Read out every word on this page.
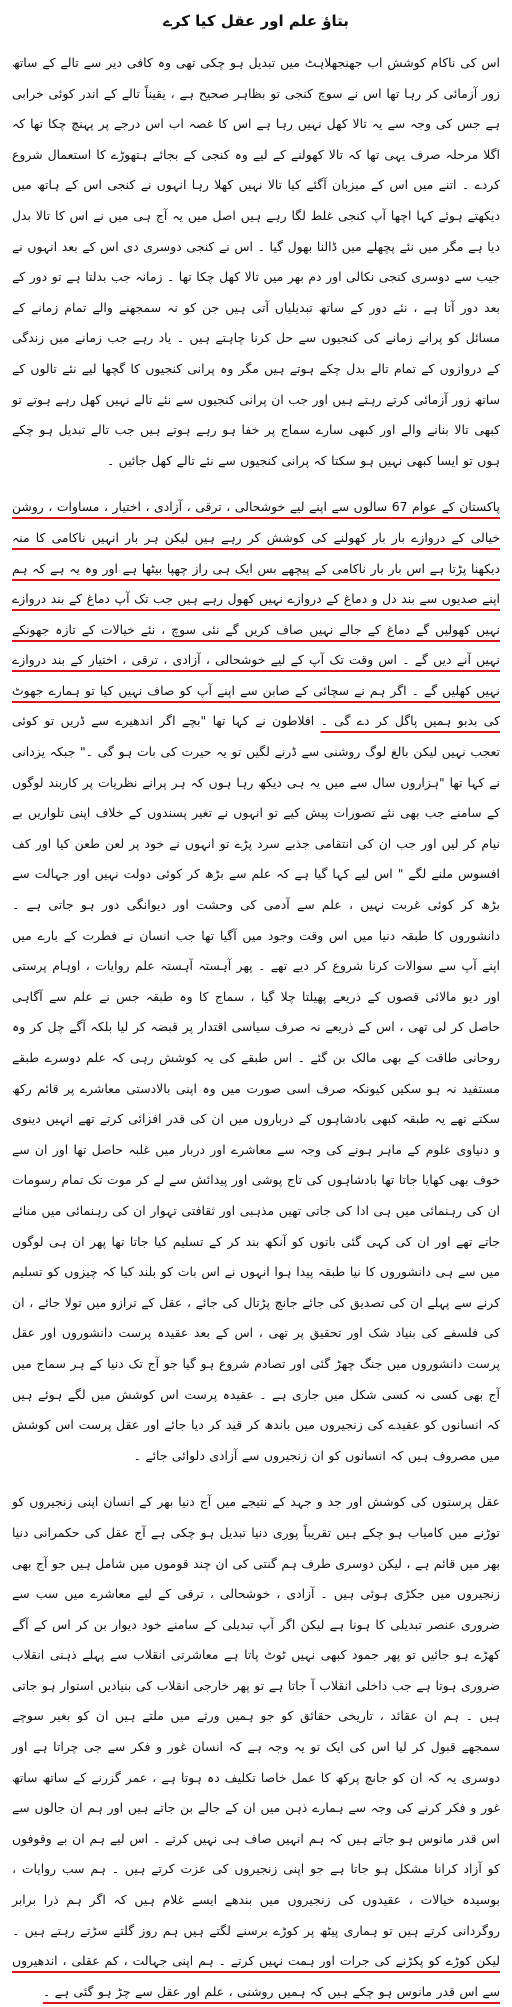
بتاؤ علم اور عقل کیا کرے

اس کی ناکام کوشش اب جھنجھلاہٹ میں تبدیل ہو چکی تھی وہ کافی دیر سے تالے کے ساتھ زور آزمائی کر رہا تھا اس نے سوچ کنجی تو بظاہر صحیح ہے ، یقیناً تالے کے اندر کوئی خرابی ہے جس کی وجہ سے یہ تالا کھل نہیں رہا ہے اس کا غصہ اب اس درجے پر پہنچ چکا تھا کہ اگلا مرحلہ صرف یہی تھا کہ تالا کھولنے کے لیے وہ کنجی کے بجائے ہتھوڑے کا استعمال شروع کردے ۔ اتنے میں اس کے میزبان آگئے کیا تالا نہیں کھلا رہا انہوں نے کنجی اس کے ہاتھ میں دیکھتے ہوئے کہا اچھا آپ کنجی غلط لگا رہے ہیں اصل میں یہ آج ہی میں نے اس کا تالا بدل دیا ہے مگر میں نئے پچھلے میں ڈالنا بھول گیا ۔ اس نے کنجی دوسری دی اس کے بعد انہوں نے جیب سے دوسری کنجی نکالی اور دم بھر میں تالا کھل چکا تھا ۔ زمانہ جب بدلتا ہے تو دور کے بعد دور آتا ہے ، نئے دور کے ساتھ تبدیلیاں آتی ہیں جن کو نہ سمجھنے والے تمام زمانے کے مسائل کو پرانے زمانے کی کنجیوں سے حل کرنا چاہتے ہیں ۔ یاد رہے جب زمانے میں زندگی کے دروازوں کے تمام تالے بدل چکے ہوتے ہیں مگر وہ پرانی کنجیوں کا گچھا لیے نئے تالوں کے ساتھ زور آزمائی کرتے رہتے ہیں اور جب ان پرانی کنجیوں سے نئے تالے نہیں کھل رہے ہوتے تو کبھی تالا بنانے والے اور کبھی سارے سماج پر خفا ہو رہے ہوتے ہیں جب تالے تبدیل ہو چکے ہوں تو ایسا کبھی نہیں ہو سکتا کہ پرانی کنجیوں سے نئے تالے کھل جائیں ۔

پاکستان کے عوام 67 سالوں سے اپنے لیے خوشحالی ، ترقی ، آزادی ، اختیار ، مساوات ، روشن خیالی کے دروازے بار بار کھولنے کی کوشش کر رہے ہیں لیکن ہر بار انہیں ناکامی کا منہ دیکھنا پڑتا ہے اس بار بار ناکامی کے پیچھے بس ایک ہی راز چھپا بیٹھا ہے اور وہ یہ ہے کہ ہم اپنے صدیوں سے بند دل و دماغ کے دروازے نہیں کھول رہے ہیں جب تک آپ دماغ کے بند دروازے نہیں کھولیں گے دماغ کے جالے نہیں صاف کریں گے نئی سوچ ، نئے خیالات کے تازہ جھونکے نہیں آنے دیں گے ۔ اس وقت تک آپ کے لیے خوشحالی ، آزادی ، ترقی ، اختیار کے بند دروازے نہیں کھلیں گے ۔ اگر ہم نے سچائی کے صابن سے اپنے آپ کو صاف نہیں کیا تو ہمارے جھوٹ کی بدبو ہمیں پاگل کر دے گی ۔ افلاطون نے کہا تھا "بچے اگر اندھیرے سے ڈریں تو کوئی تعجب نہیں لیکن بالغ لوگ روشنی سے ڈرنے لگیں تو یہ حیرت کی بات ہو گی ۔" جبکہ یزدانی نے کہا تھا "ہزاروں سال سے میں یہ ہی دیکھ رہا ہوں کہ ہر پرانے نظریات پر کاربند لوگوں کے سامنے جب بھی نئے تصورات پیش کیے تو انہوں نے تغیر پسندوں کے خلاف اپنی تلواریں بے نیام کر لیں اور جب ان کی انتقامی جذبے سرد پڑے تو انہوں نے خود پر لعن طعن کیا اور کف افسوس ملنے لگے " اس لیے کہا گیا ہے کہ علم سے بڑھ کر کوئی دولت نہیں اور جہالت سے بڑھ کر کوئی غربت نہیں ، علم سے آدمی کی وحشت اور دیوانگی دور ہو جاتی ہے ۔ دانشوروں کا طبقہ دنیا میں اس وقت وجود میں آگیا تھا جب انسان نے فطرت کے بارے میں اپنے آپ سے سوالات کرنا شروع کر دیے تھے ۔ پھر آہستہ آہستہ علم روایات ، اوہام پرستی اور دیو مالائی قصوں کے ذریعے پھیلتا چلا گیا ، سماج کا وہ طبقہ جس نے علم سے آگاہی حاصل کر لی تھی ، اس کے ذریعے نہ صرف سیاسی اقتدار پر قبضہ کر لیا بلکہ آگے چل کر وہ روحانی طاقت کے بھی مالک بن گئے ۔ اس طبقے کی یہ کوشش رہی کہ علم دوسرے طبقے مستفید نہ ہو سکیں کیونکہ صرف اسی صورت میں وہ اپنی بالادستی معاشرے پر قائم رکھ سکتے تھے یہ طبقہ کبھی بادشاہوں کے درباروں میں ان کی قدر افزائی کرتے تھے انہیں دینوی و دنیاوی علوم کے ماہر ہونے کی وجہ سے معاشرے اور دربار میں غلبہ حاصل تھا اور ان سے خوف بھی کھایا جاتا تھا بادشاہوں کی تاج پوشی اور پیدائش سے لے کر موت تک تمام رسومات ان کی رہنمائی میں ہی ادا کی جاتی تھیں مذہبی اور ثقافتی تہوار ان کی رہنمائی میں منائے جاتے تھے اور ان کی کہی گئی باتوں کو آنکھ بند کر کے تسلیم کیا جاتا تھا پھر ان ہی لوگوں میں سے ہی دانشوروں کا نیا طبقہ پیدا ہوا انہوں نے اس بات کو بلند کیا کہ چیزوں کو تسلیم کرنے سے پہلے ان کی تصدیق کی جائے جانچ پڑتال کی جائے ، عقل کے ترازو میں تولا جائے ، ان کی فلسفے کی بنیاد شک اور تحقیق پر تھی ، اس کے بعد عقیدہ پرست دانشوروں اور عقل پرست دانشوروں میں جنگ چھڑ گئی اور تصادم شروع ہو گیا جو آج تک دنیا کے ہر سماج میں آج بھی کسی نہ کسی شکل میں جاری ہے ۔ عقیدہ پرست اس کوشش میں لگے ہوئے ہیں کہ انسانوں کو عقیدے کی زنجیروں میں باندھ کر قید کر دیا جائے اور عقل پرست اس کوشش میں مصروف ہیں کہ انسانوں کو ان زنجیروں سے آزادی دلوائی جائے ۔

عقل پرستوں کی کوشش اور جد و جہد کے نتیجے میں آج دنیا بھر کے انسان اپنی زنجیروں کو توڑنے میں کامیاب ہو چکے ہیں تقریباً پوری دنیا تبدیل ہو چکی ہے آج عقل کی حکمرانی دنیا بھر میں قائم ہے ، لیکن دوسری طرف ہم گنتی کی ان چند قوموں میں شامل ہیں جو آج بھی زنجیروں میں جکڑی ہوئی ہیں ۔ آزادی ، خوشحالی ، ترقی کے لیے معاشرے میں سب سے ضروری عنصر تبدیلی کا ہونا ہے لیکن اگر آپ تبدیلی کے سامنے خود دیوار بن کر اس کے آگے کھڑے ہو جائیں تو پھر جمود کبھی نہیں ٹوٹ پاتا ہے معاشرتی انقلاب سے پہلے ذہنی انقلاب ضروری ہوتا ہے جب داخلی انقلاب آ جاتا ہے تو پھر خارجی انقلاب کی بنیادیں استوار ہو جاتی ہیں ۔ ہم ان عقائد ، تاریخی حقائق کو جو ہمیں ورثے میں ملتے ہیں ان کو بغیر سوچے سمجھے قبول کر لیا اس کی ایک تو یہ وجہ ہے کہ انسان غور و فکر سے جی چراتا ہے اور دوسری یہ کہ ان کو جانچ پرکھ کا عمل خاصا تکلیف دہ ہوتا ہے ، عمر گزرنے کے ساتھ ساتھ غور و فکر کرنے کی وجہ سے ہمارے ذہن میں ان کے جالے بن جاتے ہیں اور ہم ان جالوں سے اس قدر مانوس ہو جاتے ہیں کہ ہم انہیں صاف ہی نہیں کرتے ۔ اس لیے ہم ان بے وقوفوں کو آزاد کرانا مشکل ہو جاتا ہے جو اپنی زنجیروں کی عزت کرتے ہیں ۔ ہم سب روایات ، بوسیدہ خیالات ، عقیدوں کی زنجیروں میں بندھے ایسے غلام ہیں کہ اگر ہم ذرا برابر روگردانی کرتے ہیں تو ہماری پیٹھ پر کوڑے برسنے لگتے ہیں ہم روز گلتے سڑتے رہتے ہیں ۔ لیکن کوڑے کو پکڑنے کی جرات اور ہمت نہیں کرتے ۔ ہم اپنی جہالت ، کم عقلی ، اندھیروں سے اس قدر مانوس ہو چکے ہیں کہ ہمیں روشنی ، علم اور عقل سے چڑ ہو گئی ہے ۔
